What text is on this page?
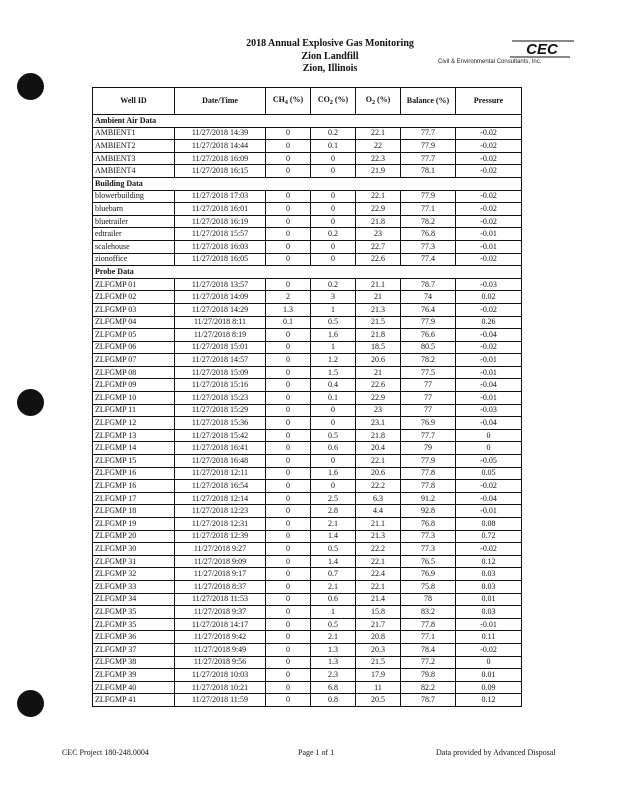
2018 Annual Explosive Gas Monitoring
Zion Landfill
Zion, Illinois
CEC
Civil & Environmental Consultants, Inc.
Well ID	Date/Time	$CH_4$ (%)	$CO_2$ (%)	$O_2$ (%)	Balance (%)	Pressure
Ambient Air Data						
AMBIENT1	11/27/2018 14:39	0	0.2	22.1	77.7	-0.02
AMBIENT2	11/27/2018 14:44	0	0.1	22	77.9	-0.02
AMBIENT3	11/27/2018 16:09	0	0	22.3	77.7	-0.02
AMBIENT4	11/27/2018 16:15	0	0	21.9	78.1	-0.02
Building Data						
blowerbuilding	11/27/2018 17:03	0	0	22.1	77.9	-0.02
bluebarn	11/27/2018 16:01	0	0	22.9	77.1	-0.02
bluetrailer	11/27/2018 16:19	0	0	21.8	78.2	-0.02
edtrailer	11/27/2018 15:57	0	0.2	23	76.8	-0.01
scalehouse	11/27/2018 16:03	0	0	22.7	77.3	-0.01
zionoffice	11/27/2018 16:05	0	0	22.6	77.4	-0.02
Probe Data						
ZLFGMP 01	11/27/2018 13:57	0	0.2	21.1	78.7	-0.03
ZLFGMP 02	11/27/2018 14:09	2	3	21	74	0.02
ZLFGMP 03	11/27/2018 14:29	1.3	1	21.3	76.4	-0.02
ZLFGMP 04	11/27/2018 8:11	0.1	0.5	21.5	77.9	0.26
ZLFGMP 05	11/27/2018 8:19	0	1.6	21.8	76.6	-0.04
ZLFGMP 06	11/27/2018 15:01	0	1	18.5	80.5	-0.02
ZLFGMP 07	11/27/2018 14:57	0	1.2	20.6	78.2	-0.01
ZLFGMP 08	11/27/2018 15:09	0	1.5	21	77.5	-0.01
ZLFGMP 09	11/27/2018 15:16	0	0.4	22.6	77	-0.04
ZLFGMP 10	11/27/2018 15:23	0	0.1	22.9	77	-0.01
ZLFGMP 11	11/27/2018 15:29	0	0	23	77	-0.03
ZLFGMP 12	11/27/2018 15:36	0	0	23.1	76.9	-0.04
ZLFGMP 13	11/27/2018 15:42	0	0.5	21.8	77.7	0
ZLFGMP 14	11/27/2018 16:41	0	0.6	20.4	79	0
ZLFGMP 15	11/27/2018 16:48	0	0	22.1	77.9	-0.05
ZLFGMP 16	11/27/2018 12:11	0	1.6	20.6	77.8	0.05
ZLFGMP 16	11/27/2018 16:54	0	0	22.2	77.8	-0.02
ZLFGMP 17	11/27/2018 12:14	0	2.5	6.3	91.2	-0.04
ZLFGMP 18	11/27/2018 12:23	0	2.8	4.4	92.8	-0.01
ZLFGMP 19	11/27/2018 12:31	0	2.1	21.1	76.8	0.08
ZLFGMP 20	11/27/2018 12:39	0	1.4	21.3	77.3	0.72
ZLFGMP 30	11/27/2018 9:27	0	0.5	22.2	77.3	-0.02
ZLFGMP 31	11/27/2018 9:09	0	1.4	22.1	76.5	0.12
ZLFGMP 32	11/27/2018 9:17	0	0.7	22.4	76.9	0.03
ZLFGMP 33	11/27/2018 8:37	0	2.1	22.1	75.8	0.03
ZLFGMP 34	11/27/2018 11:53	0	0.6	21.4	78	0.01
ZLFGMP 35	11/27/2018 9:37	0	1	15.8	83.2	0.03
ZLFGMP 35	11/27/2018 14:17	0	0.5	21.7	77.8	-0.01
ZLFGMP 36	11/27/2018 9:42	0	2.1	20.8	77.1	0.11
ZLFGMP 37	11/27/2018 9:49	0	1.3	20.3	78.4	-0.02
ZLFGMP 38	11/27/2018 9:56	0	1.3	21.5	77.2	0
ZLFGMP 39	11/27/2018 10:03	0	2.3	17.9	79.8	0.01
ZLFGMP 40	11/27/2018 10:21	0	6.8	11	82.2	0.09
ZLFGMP 41	11/27/2018 11:59	0	0.8	20.5	78.7	0.12
CEC Project 180-248.0004	Page 1 of 1	Data provided by Advanced Disposal
